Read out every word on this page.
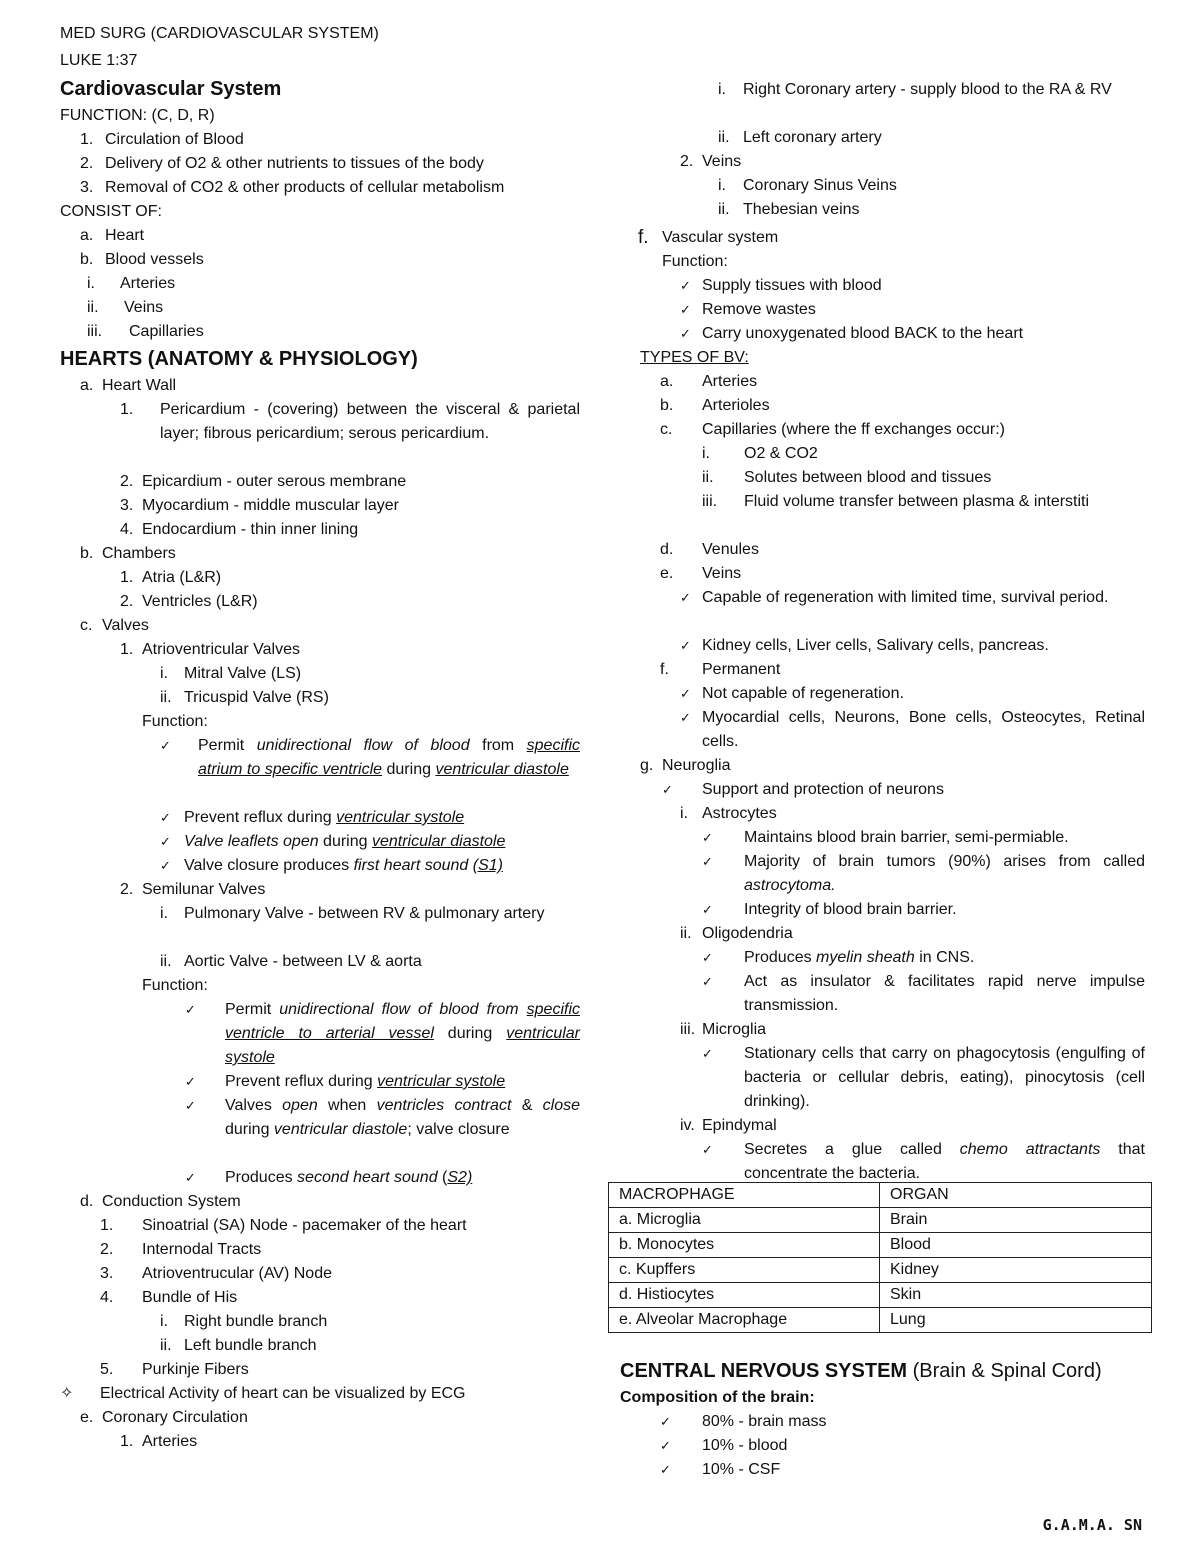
MED SURG (CARDIOVASCULAR SYSTEM)
LUKE 1:37
Cardiovascular System
FUNCTION: (C, D, R)
1. Circulation of Blood
2. Delivery of O2 & other nutrients to tissues of the body
3. Removal of CO2 & other products of cellular metabolism
CONSIST OF:
a. Heart
b. Blood vessels
i. Arteries
ii. Veins
iii. Capillaries
HEARTS (ANATOMY & PHYSIOLOGY)
a. Heart Wall
1. Pericardium - (covering) between the visceral & parietal layer; fibrous pericardium; serous pericardium.
2. Epicardium - outer serous membrane
3. Myocardium - middle muscular layer
4. Endocardium - thin inner lining
b. Chambers
1. Atria (L&R)
2. Ventricles (L&R)
c. Valves
1. Atrioventricular Valves
i. Mitral Valve (LS)
ii. Tricuspid Valve (RS)
Function:
✓ Permit unidirectional flow of blood from specific atrium to specific ventricle during ventricular diastole
✓ Prevent reflux during ventricular systole
✓ Valve leaflets open during ventricular diastole
✓ Valve closure produces first heart sound (S1)
2. Semilunar Valves
i. Pulmonary Valve - between RV & pulmonary artery
ii. Aortic Valve - between LV & aorta
Function:
✓ Permit unidirectional flow of blood from specific ventricle to arterial vessel during ventricular systole
✓ Prevent reflux during ventricular systole
✓ Valves open when ventricles contract & close during ventricular diastole; valve closure
✓ Produces second heart sound (S2)
d. Conduction System
1. Sinoatrial (SA) Node - pacemaker of the heart
2. Internodal Tracts
3. Atrioventrucular (AV) Node
4. Bundle of His
i. Right bundle branch
ii. Left bundle branch
5. Purkinje Fibers
✧ Electrical Activity of heart can be visualized by ECG
e. Coronary Circulation
1. Arteries
i. Right Coronary artery - supply blood to the RA & RV
ii. Left coronary artery
2. Veins
i. Coronary Sinus Veins
ii. Thebesian veins
f. Vascular system
Function:
✓ Supply tissues with blood
✓ Remove wastes
✓ Carry unoxygenated blood BACK to the heart
TYPES OF BV:
a. Arteries
b. Arterioles
c. Capillaries (where the ff exchanges occur:)
i. O2 & CO2
ii. Solutes between blood and tissues
iii. Fluid volume transfer between plasma & interstiti
d. Venules
e. Veins
✓ Capable of regeneration with limited time, survival period.
✓ Kidney cells, Liver cells, Salivary cells, pancreas.
f. Permanent
✓ Not capable of regeneration.
✓ Myocardial cells, Neurons, Bone cells, Osteocytes, Retinal cells.
g. Neuroglia
✓ Support and protection of neurons
i. Astrocytes
✓ Maintains blood brain barrier, semi-permiable.
✓ Majority of brain tumors (90%) arises from called astrocytoma.
✓ Integrity of blood brain barrier.
ii. Oligodendria
✓ Produces myelin sheath in CNS.
✓ Act as insulator & facilitates rapid nerve impulse transmission.
iii. Microglia
✓ Stationary cells that carry on phagocytosis (engulfing of bacteria or cellular debris, eating), pinocytosis (cell drinking).
iv. Epindymal
✓ Secretes a glue called chemo attractants that concentrate the bacteria.
MACROPHAGE	ORGAN
a. Microglia	Brain
b. Monocytes	Blood
c. Kupffers	Kidney
d. Histiocytes	Skin
e. Alveolar Macrophage	Lung
CENTRAL NERVOUS SYSTEM (Brain & Spinal Cord)
Composition of the brain:
✓ 80% - brain mass
✓ 10% - blood
✓ 10% - CSF
G.A.M.A. SN
